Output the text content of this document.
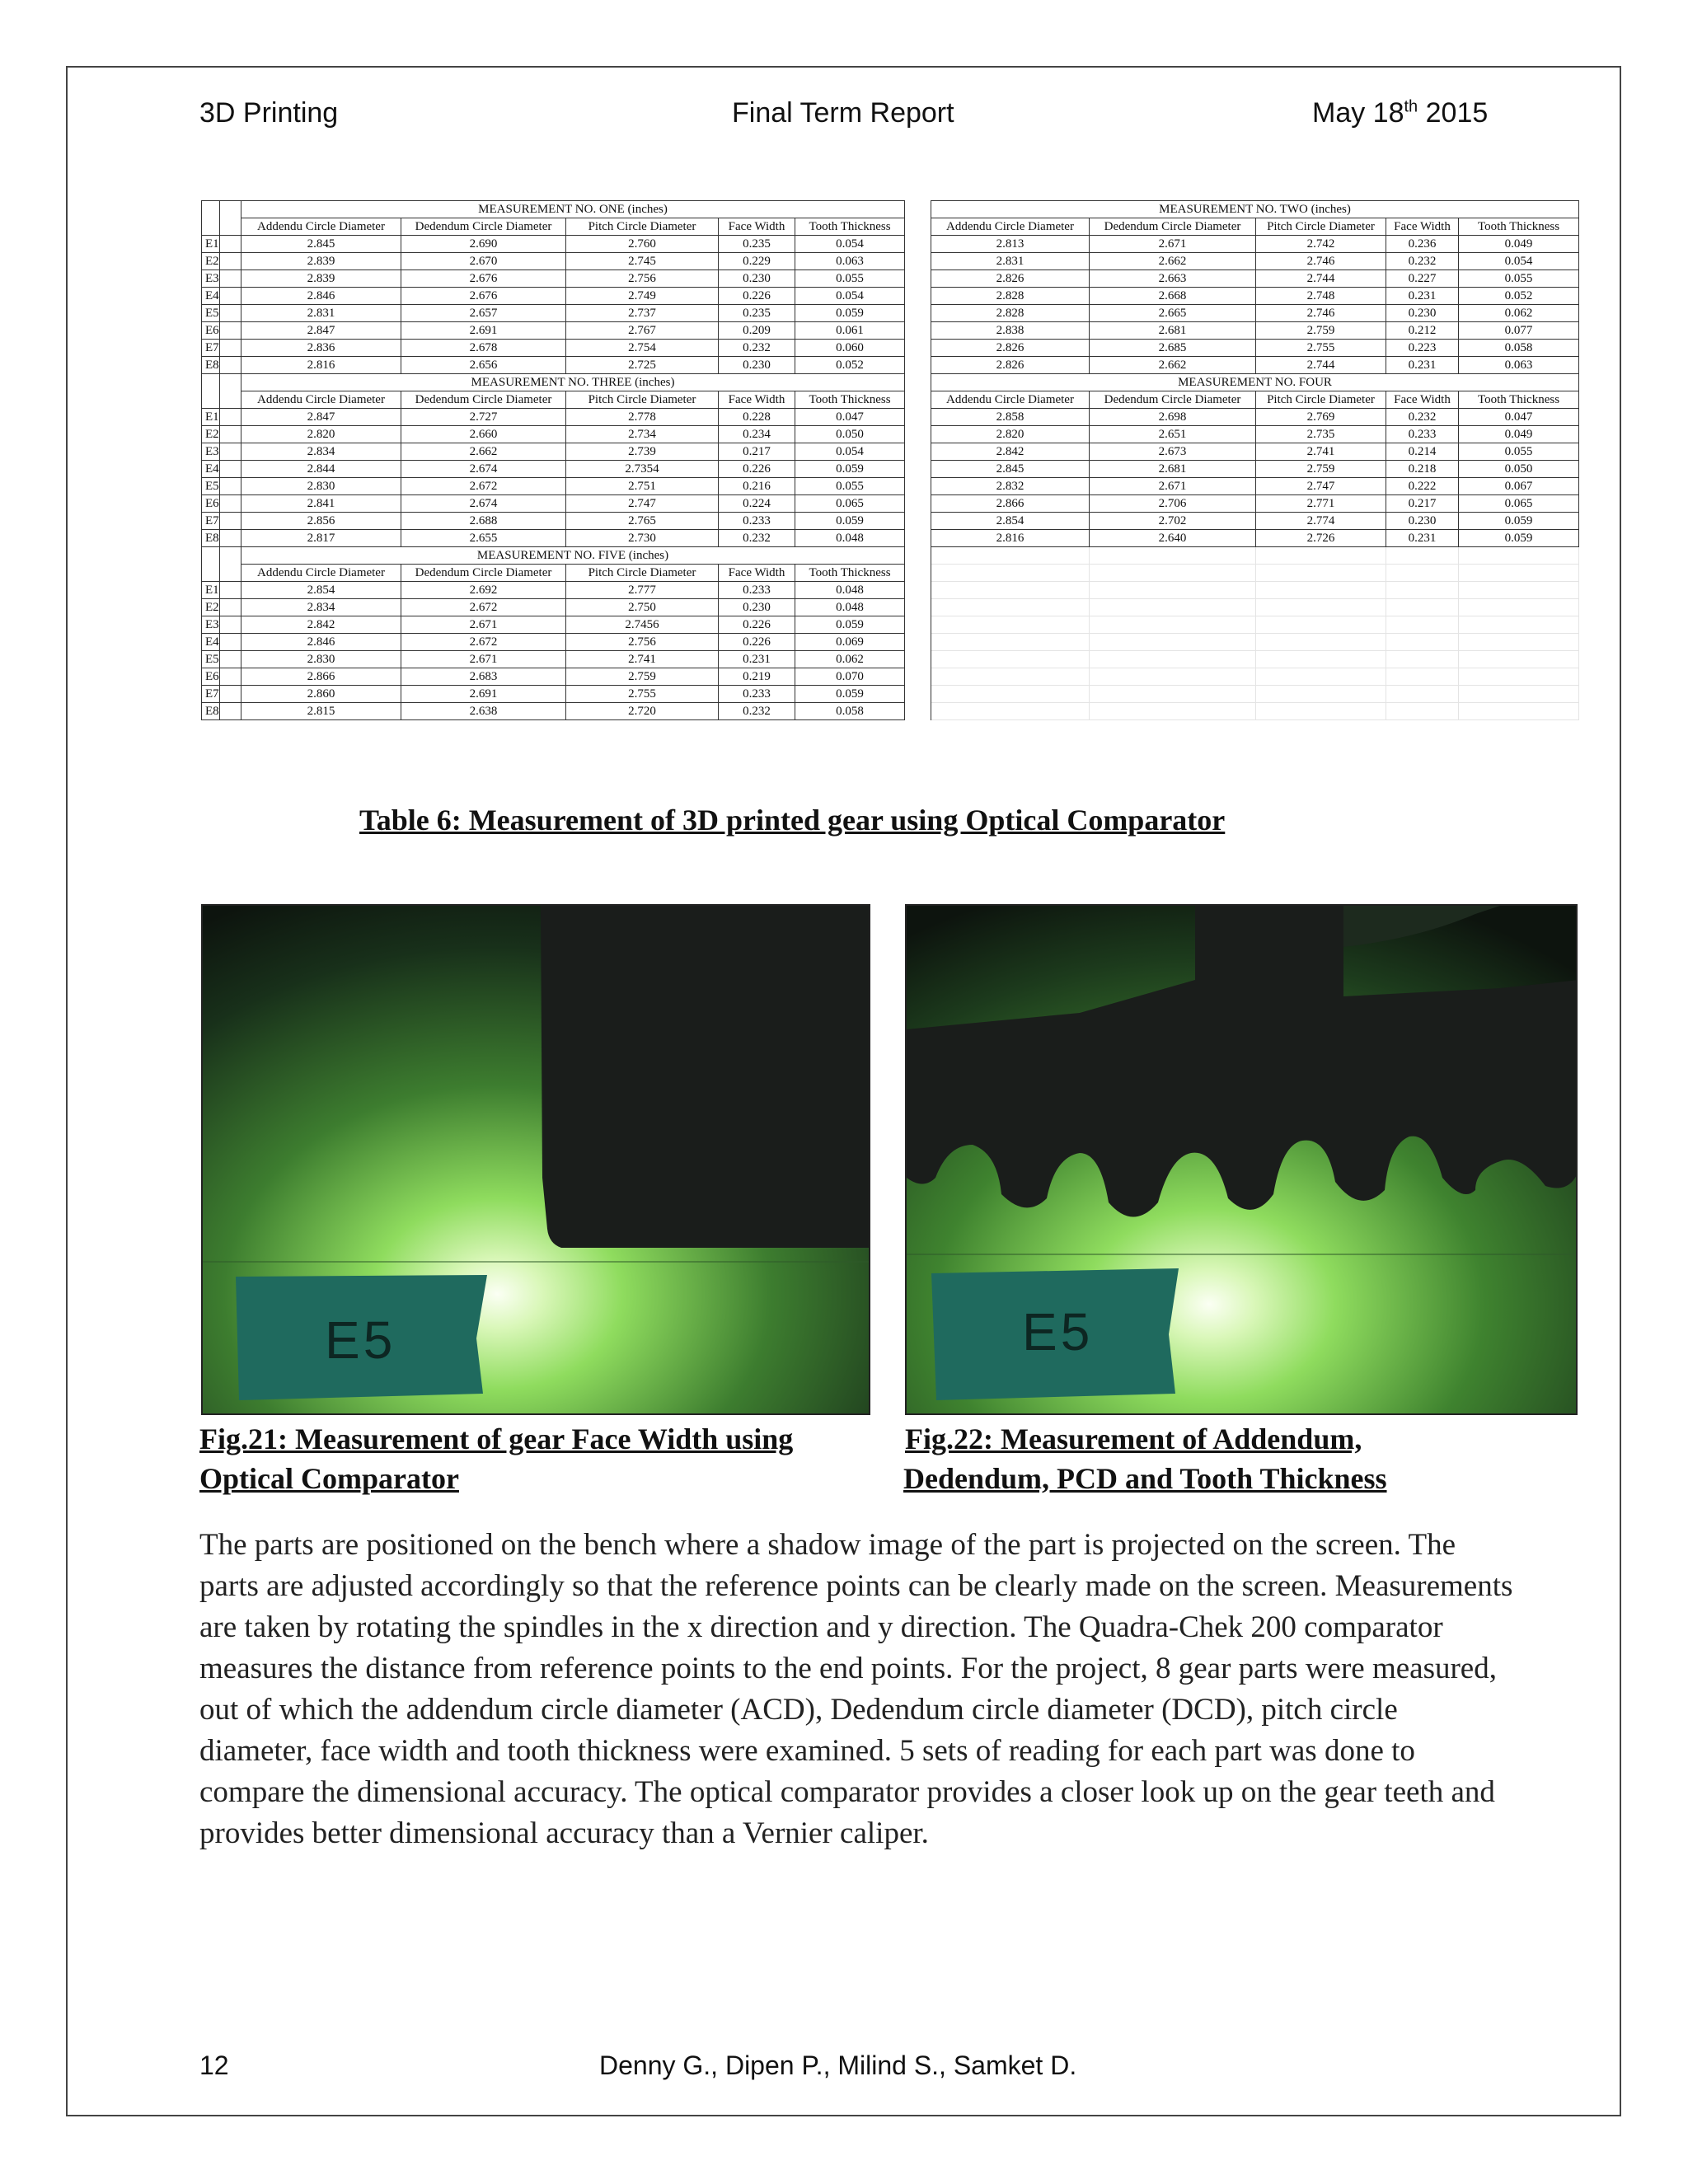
3D Printing	Final Term Report	May 18th 2015
		MEASUREMENT NO. ONE (inches)						MEASUREMENT NO. TWO (inches)				
		Addendu Circle Diameter	Dedendum Circle Diameter	Pitch Circle Diameter	Face Width	Tooth Thickness		Addendu Circle Diameter	Dedendum Circle Diameter	Pitch Circle Diameter	Face Width	Tooth Thickness
E1		2.845	2.690	2.760	0.235	0.054		2.813	2.671	2.742	0.236	0.049
E2		2.839	2.670	2.745	0.229	0.063		2.831	2.662	2.746	0.232	0.054
E3		2.839	2.676	2.756	0.230	0.055		2.826	2.663	2.744	0.227	0.055
E4		2.846	2.676	2.749	0.226	0.054		2.828	2.668	2.748	0.231	0.052
E5		2.831	2.657	2.737	0.235	0.059		2.828	2.665	2.746	0.230	0.062
E6		2.847	2.691	2.767	0.209	0.061		2.838	2.681	2.759	0.212	0.077
E7		2.836	2.678	2.754	0.232	0.060		2.826	2.685	2.755	0.223	0.058
E8		2.816	2.656	2.725	0.230	0.052		2.826	2.662	2.744	0.231	0.063
		MEASUREMENT NO. THREE (inches)						MEASUREMENT NO. FOUR				
		Addendu Circle Diameter	Dedendum Circle Diameter	Pitch Circle Diameter	Face Width	Tooth Thickness		Addendu Circle Diameter	Dedendum Circle Diameter	Pitch Circle Diameter	Face Width	Tooth Thickness
E1		2.847	2.727	2.778	0.228	0.047		2.858	2.698	2.769	0.232	0.047
E2		2.820	2.660	2.734	0.234	0.050		2.820	2.651	2.735	0.233	0.049
E3		2.834	2.662	2.739	0.217	0.054		2.842	2.673	2.741	0.214	0.055
E4		2.844	2.674	2.7354	0.226	0.059		2.845	2.681	2.759	0.218	0.050
E5		2.830	2.672	2.751	0.216	0.055		2.832	2.671	2.747	0.222	0.067
E6		2.841	2.674	2.747	0.224	0.065		2.866	2.706	2.771	0.217	0.065
E7		2.856	2.688	2.765	0.233	0.059		2.854	2.702	2.774	0.230	0.059
E8		2.817	2.655	2.730	0.232	0.048		2.816	2.640	2.726	0.231	0.059
		MEASUREMENT NO. FIVE (inches)										
		Addendu Circle Diameter	Dedendum Circle Diameter	Pitch Circle Diameter	Face Width	Tooth Thickness						
E1		2.854	2.692	2.777	0.233	0.048						
E2		2.834	2.672	2.750	0.230	0.048						
E3		2.842	2.671	2.7456	0.226	0.059						
E4		2.846	2.672	2.756	0.226	0.069						
E5		2.830	2.671	2.741	0.231	0.062						
E6		2.866	2.683	2.759	0.219	0.070						
E7		2.860	2.691	2.755	0.233	0.059						
E8		2.815	2.638	2.720	0.232	0.058						
Table 6: Measurement of 3D printed gear using Optical Comparator
E5	E5
Fig.21: Measurement of gear Face Width using
Optical Comparator
Fig.22: Measurement of Addendum,
Dedendum, PCD and Tooth Thickness

The parts are positioned on the bench where a shadow image of the part is projected on the screen. The parts are adjusted accordingly so that the reference points can be clearly made on the screen. Measurements are taken by rotating the spindles in the x direction and y direction. The Quadra-Chek 200 comparator measures the distance from reference points to the end points. For the project, 8 gear parts were measured, out of which the addendum circle diameter (ACD), Dedendum circle diameter (DCD), pitch circle diameter, face width and tooth thickness were examined. 5 sets of reading for each part was done to compare the dimensional accuracy. The optical comparator provides a closer look up on the gear teeth and provides better dimensional accuracy than a Vernier caliper.

12	Denny G., Dipen P., Milind S., Samket D.
